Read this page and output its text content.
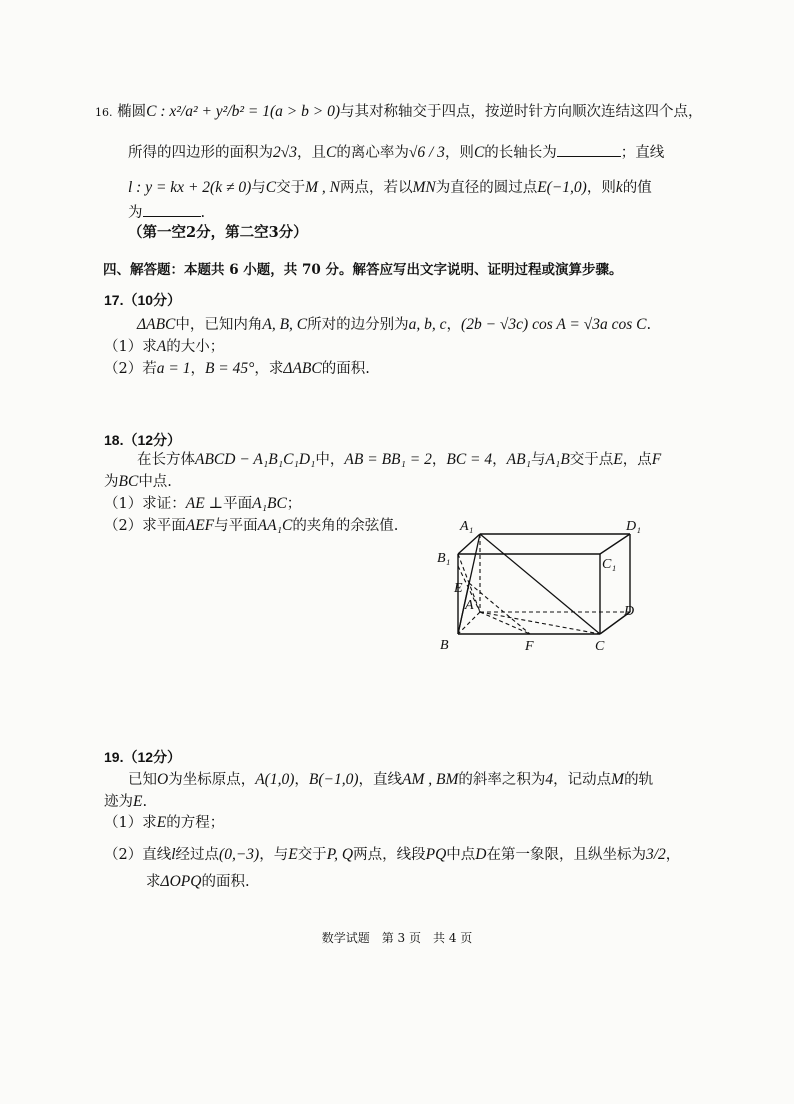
16. 椭圆C : x²/a² + y²/b² = 1(a > b > 0)与其对称轴交于四点，按逆时针方向顺次连结这四个点，
所得的四边形的面积为2√3，且C的离心率为√6 / 3，则C的长轴长为	；直线
l : y = kx + 2(k ≠ 0)与C交于M , N两点，若以MN为直径的圆过点E(−1,0)，则k的值
为	.
（第一空2分，第二空3分）
四、解答题：本题共 6 小题，共 70 分。解答应写出文字说明、证明过程或演算步骤。
17.（10分）
ΔABC中，已知内角A, B, C所对的边分别为a, b, c，(2b − √3c) cos A = √3a cos C.
（1）求A的大小；
（2）若a = 1，B = 45°，求ΔABC的面积.
18.（12分）
在长方体ABCD − A₁B₁C₁D₁中，AB = BB₁ = 2，BC = 4，AB₁与A₁B交于点E，点F
为BC中点.
（1）求证：AE ⊥平面A₁BC；
（2）求平面AEF与平面AA₁C的夹角的余弦值.	A₁	D₁
B₁	C₁
E
A	D
B	F	C
19.（12分）
已知O为坐标原点，A(1,0)，B(−1,0)，直线AM , BM的斜率之积为4，记动点M的轨
迹为E.
（1）求E的方程；
（2）直线l经过点(0,−3)，与E交于P, Q两点，线段PQ中点D在第一象限，且纵坐标为3/2，
求ΔOPQ的面积.
数学试题　第 3 页　共 4 页
